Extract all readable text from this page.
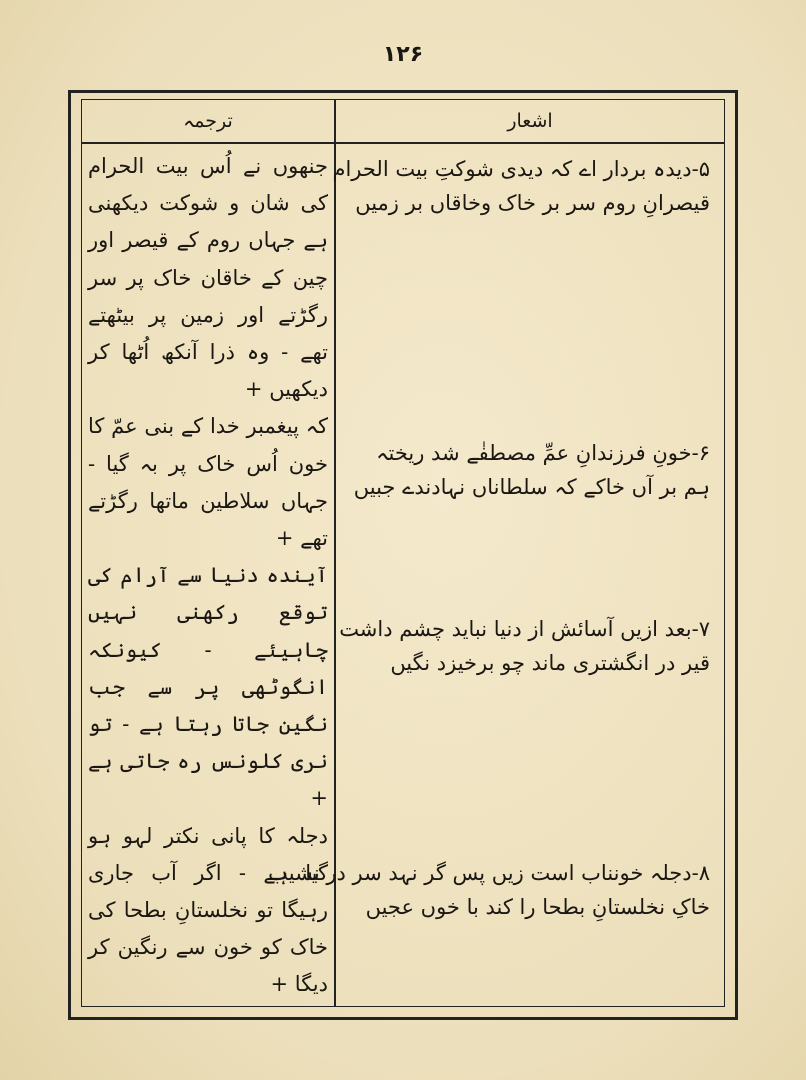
۱۲۶
ترجمہ	اشعار

جنھوں نے اُس بیت الحرام کی شان و شوکت دیکھنی ہے جہاں روم کے قیصر اور چین کے خاقان خاک پر سر رگڑتے اور زمین پر بیٹھتے تھے - وہ ذرا آنکھ اُٹھا کر دیکھیں +

کہ پیغمبر خدا کے بنی عمّ کا خون اُس خاک پر بہ گیا - جہاں سلاطین ماتھا رگڑتے تھے +

آیندہ دنیا سے آرام کی توقع رکھنی نہیں چاہیئے - کیونکہ انگوٹھی پر سے جب نگین جاتا رہتا ہے - تو نری کلونس رہ جاتی ہے +

دجلہ کا پانی نکتر لہو ہو گیا ہے - اگر آب جاری رہیگا تو نخلستانِ بطحا کی خاک کو خون سے رنگین کر دیگا +

۵-دیدہ بردار اے کہ دیدی شوکتِ بیت الحرام
قیصرانِ روم سر بر خاک وخاقاں بر زمیں
۶-خونِ فرزندانِ عمِّ مصطفٰے شد ریختہ
ہم بر آں خاکے کہ سلطاناں نہادندے جبیں
۷-بعد ازیں آسائش از دنیا نباید چشم داشت
قیر در انگشتری ماند چو برخیزد نگیں
۸-دجلہ خونناب است زیں پس گر نہد سر در نشیب
خاکِ نخلستانِ بطحا را کند با خوں عجیں
